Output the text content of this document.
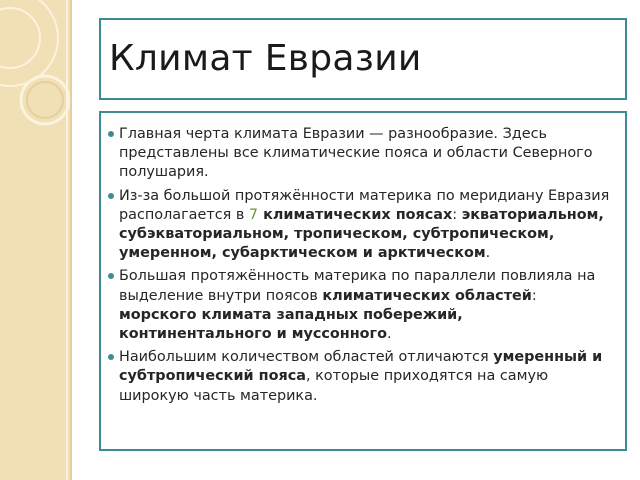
Климат Евразии
Главная черта климата Евразии — разнообразие. Здесь представлены все климатические пояса и области Северного полушария.
Из-за большой протяжённости материка по меридиану Евразия располагается в 7 климатических поясах: экваториальном, субэкваториальном, тропическом, субтропическом, умеренном, субарктическом и арктическом.
Большая протяжённость материка по параллели повлияла на выделение внутри поясов климатических областей: морского климата западных побережий, континентального и муссонного.
Наибольшим количеством областей отличаются умеренный и субтропический пояса, которые приходятся на самую широкую часть материка.
